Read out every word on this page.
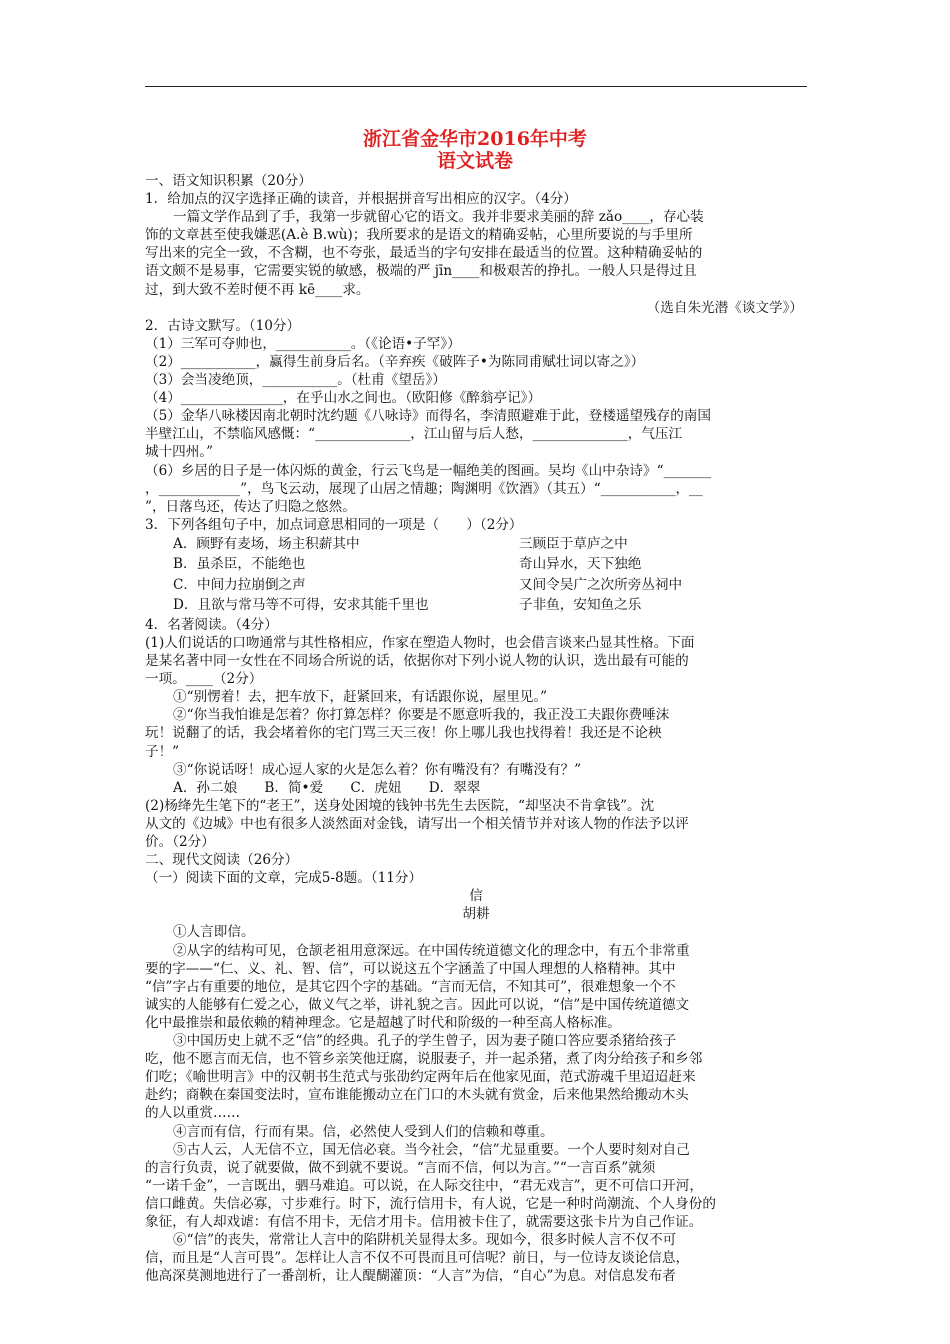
浙江省金华市2016年中考
语文试卷
一、语文知识积累（20分）
1．给加点的汉字选择正确的读音，并根据拼音写出相应的汉字。（4分）
一篇文学作品到了手，我第一步就留心它的语文。我并非要求美丽的辞 zǎo____，存心装
饰的文章甚至使我嫌恶(A.è B.wù)；我所要求的是语文的精确妥帖，心里所要说的与手里所
写出来的完全一致，不含糊，也不夸张，最适当的字句安排在最适当的位置。这种精确妥帖的
语文颇不是易事，它需要实锐的敏感，极端的严 jīn____和极艰苦的挣扎。一般人只是得过且
过，到大致不差时便不再 kē____求。
（选自朱光潜《谈文学》）
2．古诗文默写。（10分）
（1）三军可夺帅也，___________。（《论语•子罕》）
（2）___________，赢得生前身后名。（辛弃疾《破阵子•为陈同甫赋壮词以寄之》）
（3）会当凌绝顶，___________。（杜甫《望岳》）
（4）_______________，在乎山水之间也。（欧阳修《醉翁亭记》）
（5）金华八咏楼因南北朝时沈约题《八咏诗》而得名，李清照避难于此，登楼遥望残存的南国
半壁江山，不禁临风感慨：“______________，江山留与后人愁，______________，气压江
城十四州。”
（6）乡居的日子是一体闪烁的黄金，行云飞鸟是一幅绝美的图画。吴均《山中杂诗》“_______
，____________”，鸟飞云动，展现了山居之情趣；陶渊明《饮酒》（其五）“___________，__
”，日落鸟还，传达了归隐之悠然。
3．下列各组句子中，加点词意思相同的一项是（　　）（2分）
A．顾野有麦场，场主积薪其中	三顾臣于草庐之中
B．虽杀臣，不能绝也	奇山异水，天下独绝
C．中间力拉崩倒之声	又间令吴广之次所旁丛祠中
D．且欲与常马等不可得，安求其能千里也	子非鱼，安知鱼之乐
4．名著阅读。（4分）
(1)人们说话的口吻通常与其性格相应，作家在塑造人物时，也会借言谈来凸显其性格。下面
是某名著中同一女性在不同场合所说的话，依据你对下列小说人物的认识，选出最有可能的
一项。____（2分）
①“别愣着！去，把车放下，赶紧回来，有话跟你说，屋里见。”
②“你当我怕谁是怎着？你打算怎样？你要是不愿意听我的，我正没工夫跟你费唾沫
玩！说翻了的话，我会堵着你的宅门骂三天三夜！你上哪儿我也找得着！我还是不论秧
子！”
③“你说话呀！成心逗人家的火是怎么着？你有嘴没有？有嘴没有？”
A．孙二娘　　B．简•爱　　C．虎妞　　D．翠翠
(2)杨绛先生笔下的“老王”，送身处困境的钱钟书先生去医院，“却坚决不肯拿钱”。沈
从文的《边城》中也有很多人淡然面对金钱，请写出一个相关情节并对该人物的作法予以评
价。（2分）
二、现代文阅读（26分）
（一）阅读下面的文章，完成5-8题。（11分）
信
胡耕
①人言即信。
②从字的结构可见，仓颉老祖用意深远。在中国传统道德文化的理念中，有五个非常重
要的字——“仁、义、礼、智、信”，可以说这五个字涵盖了中国人理想的人格精神。其中
“信”字占有重要的地位，是其它四个字的基础。“言而无信，不知其可”，很难想象一个不
诚实的人能够有仁爱之心，做义气之举，讲礼貌之言。因此可以说，“信”是中国传统道德文
化中最推崇和最依赖的精神理念。它是超越了时代和阶级的一种至高人格标准。
③中国历史上就不乏“信”的经典。孔子的学生曾子，因为妻子随口答应要杀猪给孩子
吃，他不愿言而无信，也不管乡亲笑他迂腐，说服妻子，并一起杀猪，煮了肉分给孩子和乡邻
们吃；《喻世明言》中的汉朝书生范式与张劭约定两年后在他家见面，范式游魂千里迢迢赶来
赴约；商鞅在秦国变法时，宣布谁能搬动立在门口的木头就有赏金，后来他果然给搬动木头
的人以重赏……
④言而有信，行而有果。信，必然使人受到人们的信赖和尊重。
⑤古人云，人无信不立，国无信必衰。当今社会，“信”尤显重要。一个人要时刻对自己
的言行负责，说了就要做，做不到就不要说。“言而不信，何以为言。”“一言百系”就须
“一诺千金”，一言既出，驷马难追。可以说，在人际交往中，“君无戏言”，更不可信口开河，
信口雌黄。失信必寡，寸步难行。时下，流行信用卡，有人说，它是一种时尚潮流、个人身份的
象征，有人却戏谑：有信不用卡，无信才用卡。信用被卡住了，就需要这张卡片为自己作证。
⑥“信”的丧失，常常让人言中的陷阱机关显得太多。现如今，很多时候人言不仅不可
信，而且是“人言可畏”。怎样让人言不仅不可畏而且可信呢？前日，与一位诗友谈论信息，
他高深莫测地进行了一番剖析，让人醍醐灌顶：“人言”为信，“自心”为息。对信息发布者
